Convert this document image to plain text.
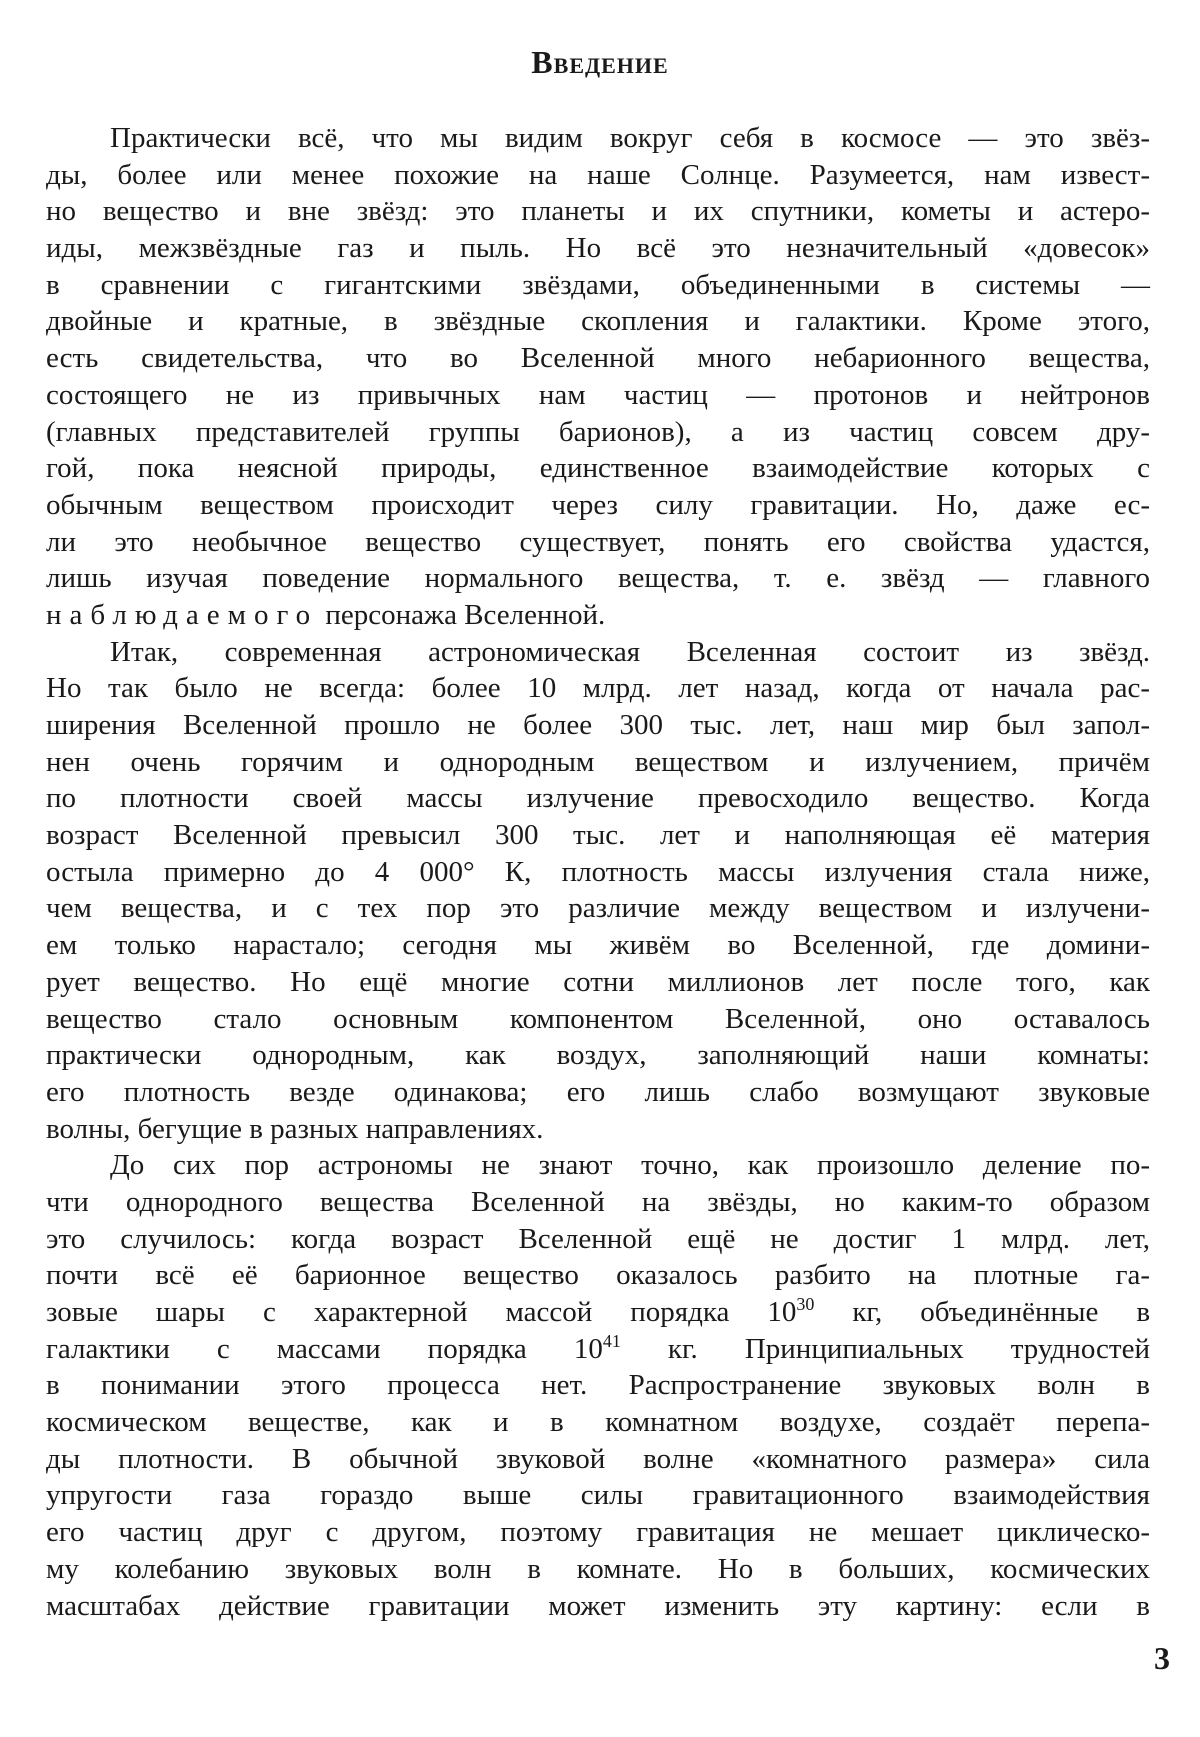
Введение
Практически всё, что мы видим вокруг себя в космосе — это звёз-
ды, более или менее похожие на наше Солнце. Разумеется, нам извест-
но вещество и вне звёзд: это планеты и их спутники, кометы и астеро-
иды, межзвёздные газ и пыль. Но всё это незначительный «довесок»
в сравнении с гигантскими звёздами, объединенными в системы —
двойные и кратные, в звёздные скопления и галактики. Кроме этого,
есть свидетельства, что во Вселенной много небарионного вещества,
состоящего не из привычных нам частиц — протонов и нейтронов
(главных представителей группы барионов), а из частиц совсем дру-
гой, пока неясной природы, единственное взаимодействие которых с
обычным веществом происходит через силу гравитации. Но, даже ес-
ли это необычное вещество существует, понять его свойства удастся,
лишь изучая поведение нормального вещества, т. е. звёзд — главного
наблюдаемого персонажа Вселенной.
Итак, современная астрономическая Вселенная состоит из звёзд.
Но так было не всегда: более 10 млрд. лет назад, когда от начала рас-
ширения Вселенной прошло не более 300 тыс. лет, наш мир был запол-
нен очень горячим и однородным веществом и излучением, причём
по плотности своей массы излучение превосходило вещество. Когда
возраст Вселенной превысил 300 тыс. лет и наполняющая её материя
остыла примерно до 4 000° К, плотность массы излучения стала ниже,
чем вещества, и с тех пор это различие между веществом и излучени-
ем только нарастало; сегодня мы живём во Вселенной, где домини-
рует вещество. Но ещё многие сотни миллионов лет после того, как
вещество стало основным компонентом Вселенной, оно оставалось
практически однородным, как воздух, заполняющий наши комнаты:
его плотность везде одинакова; его лишь слабо возмущают звуковые
волны, бегущие в разных направлениях.
До сих пор астрономы не знают точно, как произошло деление по-
чти однородного вещества Вселенной на звёзды, но каким-то образом
это случилось: когда возраст Вселенной ещё не достиг 1 млрд. лет,
почти всё её барионное вещество оказалось разбито на плотные га-
зовые шары с характерной массой порядка $10^{30}$ кг, объединённые в
галактики с массами порядка $10^{41}$ кг. Принципиальных трудностей
в понимании этого процесса нет. Распространение звуковых волн в
космическом веществе, как и в комнатном воздухе, создаёт перепа-
ды плотности. В обычной звуковой волне «комнатного размера» сила
упругости газа гораздо выше силы гравитационного взаимодействия
его частиц друг с другом, поэтому гравитация не мешает циклическо-
му колебанию звуковых волн в комнате. Но в больших, космических
масштабах действие гравитации может изменить эту картину: если в
3
